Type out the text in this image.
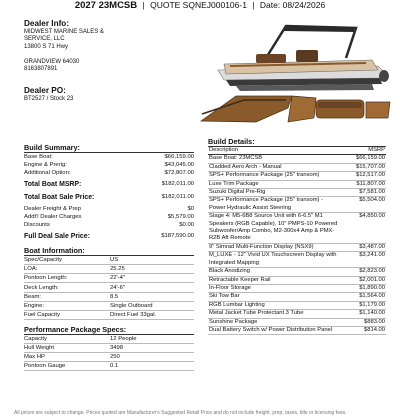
2027 23MCSB | QUOTE SQNEJ000106-1 | Date: 08/24/2026
Dealer Info:
MIDWEST MARINE SALES &
SERVICE, LLC
13800 S 71 Hwy
GRANDVIEW 64030
8163807891
Dealer PO:
BT2527 / Stock 23
Build Summary:
Base Boat:	$66,159.00
Engine & Prerig:	$43,045.00
Additional Option:	$72,807.00
Total Boat MSRP:	$182,011.00
Total Boat Sale Price:	$182,011.00
Dealer Freight & Prep	$0
Addt'l Dealer Charges	$5,579.00
Discounts	$0.00
Full Deal Sale Price:	$187,590.00
Boat Information:
Spec/Capacity	US
LOA:	25.25
Pontoon Length:	22'-4"
Deck Length:	24'-6"
Beam:	8.5
Engine:	Single Outboard
Fuel Capacity	Direct Fuel 33gal.
Performance Package Specs:
Capacity	12 People
Hull Weight	3498
Max HP	250
Pontoon Gauge	0.1
Build Details:
Description	MSRP
Base Boat: 23MCSB	$66,159.00
Cladded Aero Arch - Manual	$15,707.00
SPS+ Performance Package (25" transom)	$12,517.00
Luxe Trim Package	$11,807.00
Suzuki Digital Pre-Rig	$7,581.00
SPS+ Performance Package (25" transom) - Power Hydraulic Assist Steering	$5,504.00
Stage 4: M5-6B8 Source Unit with 6-6.5" M1 Speakers (RGB Capable), 10" PMPS-10 Powered Subwoofer/Amp Combo, M2-300x4 Amp & PMX-R2B Aft Remote	$4,850.00
9" Simrad Multi-Function Display (NSX9)	$3,487.00
M_LUXE - 12" Vivid UX Touchscreen Display with Integrated Mapping	$3,241.00
Black Anodizing	$2,823.00
Retractable Keeper Rail	$2,001.00
In-Floor Storage	$1,890.00
Ski Tow Bar	$1,564.00
RGB Lumbar Lighting	$1,179.00
Metal Jacket Tube Protectant 3 Tube	$1,140.00
Sunshine Package	$883.00
Dual Battery Switch w/ Power Distribution Panel	$814.00
All prices are subject to change. Prices quoted are Manufacturer's Suggested Retail Price and do not include freight, prep, taxes, title or licensing fees.
